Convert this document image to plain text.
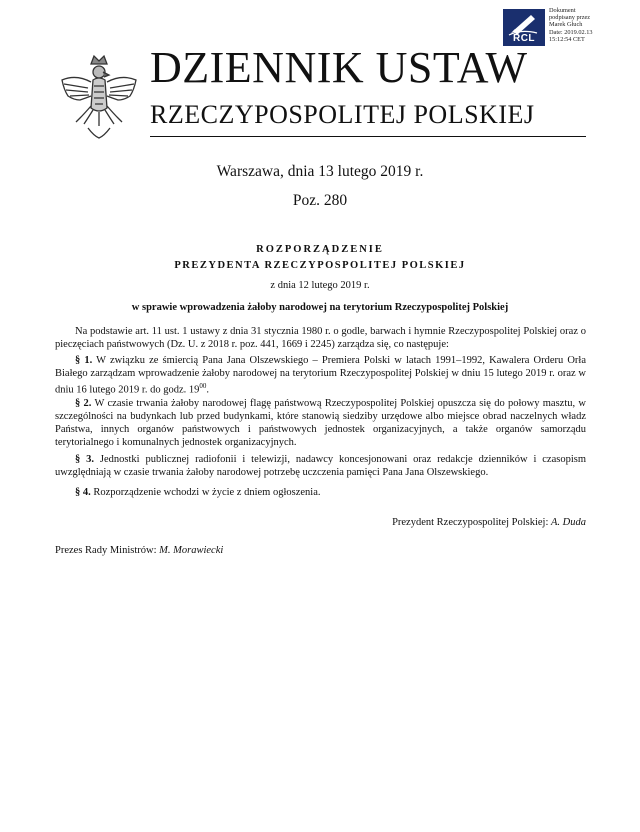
RCL
Dokument
podpisany przez
Marek Głuch
Date: 2019.02.13
15:12:54 CET
DZIENNIK USTAW
RZECZYPOSPOLITEJ POLSKIEJ
Warszawa, dnia 13 lutego 2019 r.
Poz. 280
ROZPORZĄDZENIE
PREZYDENTA RZECZYPOSPOLITEJ POLSKIEJ
z dnia 12 lutego 2019 r.
w sprawie wprowadzenia żałoby narodowej na terytorium Rzeczypospolitej Polskiej

Na podstawie art. 11 ust. 1 ustawy z dnia 31 stycznia 1980 r. o godle, barwach i hymnie Rzeczypospolitej Polskiej oraz o pieczęciach państwowych (Dz. U. z 2018 r. poz. 441, 1669 i 2245) zarządza się, co następuje:

§ 1. W związku ze śmiercią Pana Jana Olszewskiego – Premiera Polski w latach 1991–1992, Kawalera Orderu Orła Białego zarządzam wprowadzenie żałoby narodowej na terytorium Rzeczypospolitej Polskiej w dniu 15 lutego 2019 r. oraz w dniu 16 lutego 2019 r. do godz. $19^{00}$.

§ 2. W czasie trwania żałoby narodowej flagę państwową Rzeczypospolitej Polskiej opuszcza się do połowy masztu, w szczególności na budynkach lub przed budynkami, które stanowią siedziby urzędowe albo miejsce obrad naczelnych władz Państwa, innych organów państwowych i państwowych jednostek organizacyjnych, a także organów samorządu terytorialnego i komunalnych jednostek organizacyjnych.

§ 3. Jednostki publicznej radiofonii i telewizji, nadawcy koncesjonowani oraz redakcje dzienników i czasopism uwzględniają w czasie trwania żałoby narodowej potrzebę uczczenia pamięci Pana Jana Olszewskiego.

§ 4. Rozporządzenie wchodzi w życie z dniem ogłoszenia.

Prezydent Rzeczypospolitej Polskiej: A. Duda
Prezes Rady Ministrów: M. Morawiecki
